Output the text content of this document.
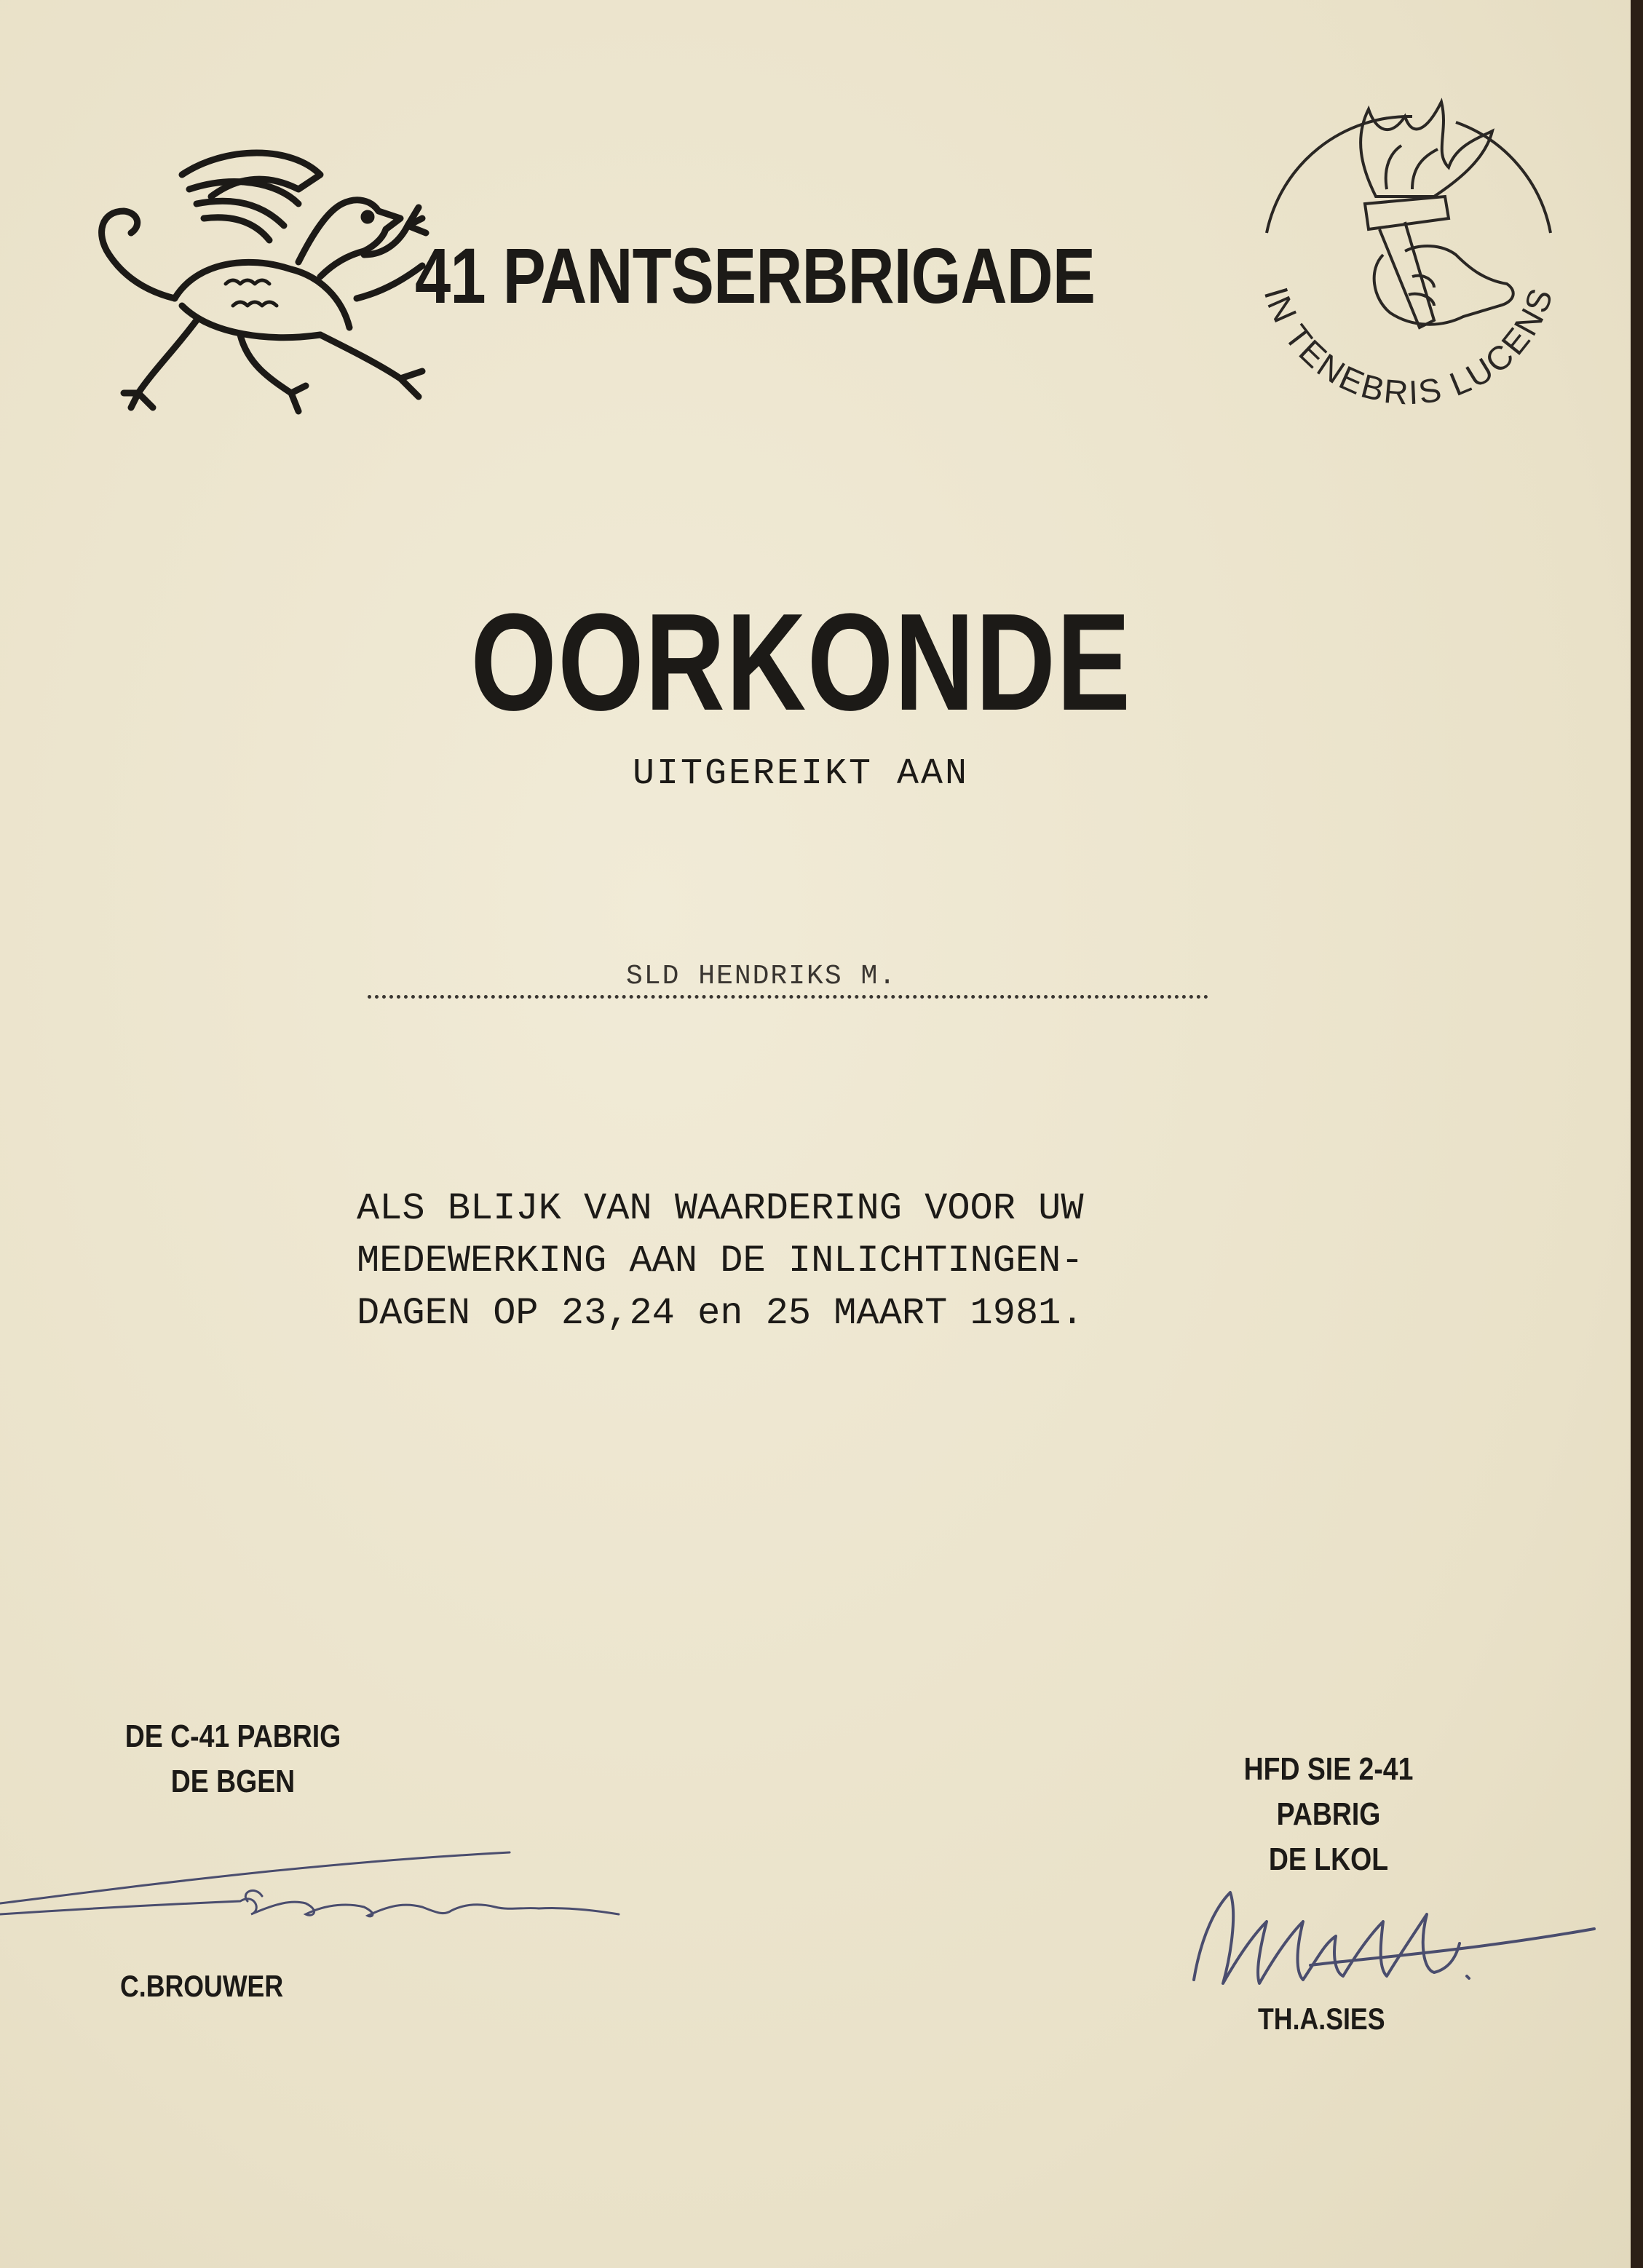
41 PANTSERBRIGADE	IN TENEBRIS LUCENS
OORKONDE
UITGEREIKT AAN
SLD HENDRIKS M.
ALS BLIJK VAN WAARDERING VOOR UW
MEDEWERKING AAN DE INLICHTINGEN-
DAGEN OP 23,24 en 25 MAART 1981.
DE C-41 PABRIG
DE BGEN
C.BROUWER
HFD SIE 2-41 PABRIG
DE LKOL
TH.A.SIES
